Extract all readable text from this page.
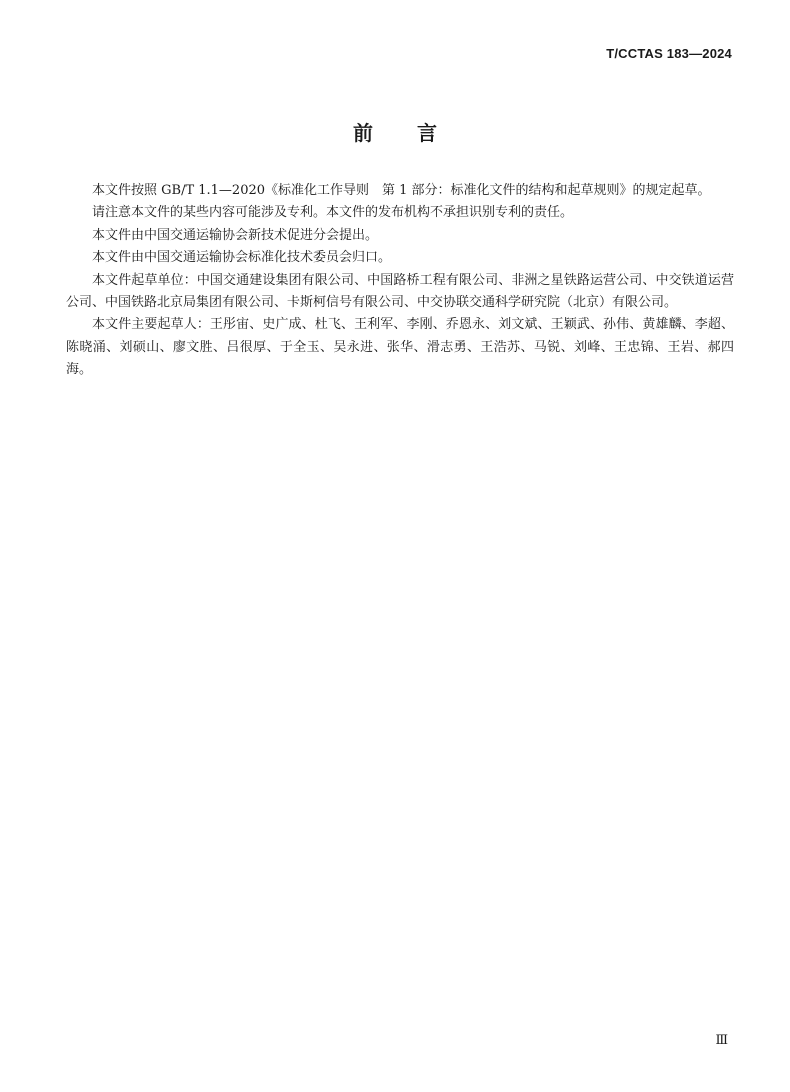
T/CCTAS 183—2024
前 言

本文件按照 GB/T 1.1—2020《标准化工作导则　第 1 部分：标准化文件的结构和起草规则》的规定起草。

请注意本文件的某些内容可能涉及专利。本文件的发布机构不承担识别专利的责任。

本文件由中国交通运输协会新技术促进分会提出。

本文件由中国交通运输协会标准化技术委员会归口。

本文件起草单位：中国交通建设集团有限公司、中国路桥工程有限公司、非洲之星铁路运营公司、中交铁道运营公司、中国铁路北京局集团有限公司、卡斯柯信号有限公司、中交协联交通科学研究院（北京）有限公司。

本文件主要起草人：王彤宙、史广成、杜飞、王利军、李刚、乔恩永、刘文斌、王颖武、孙伟、黄雄麟、李超、陈晓涌、刘硕山、廖文胜、吕很厚、于全玉、吴永进、张华、滑志勇、王浩苏、马锐、刘峰、王忠锦、王岩、郝四海。

Ⅲ
